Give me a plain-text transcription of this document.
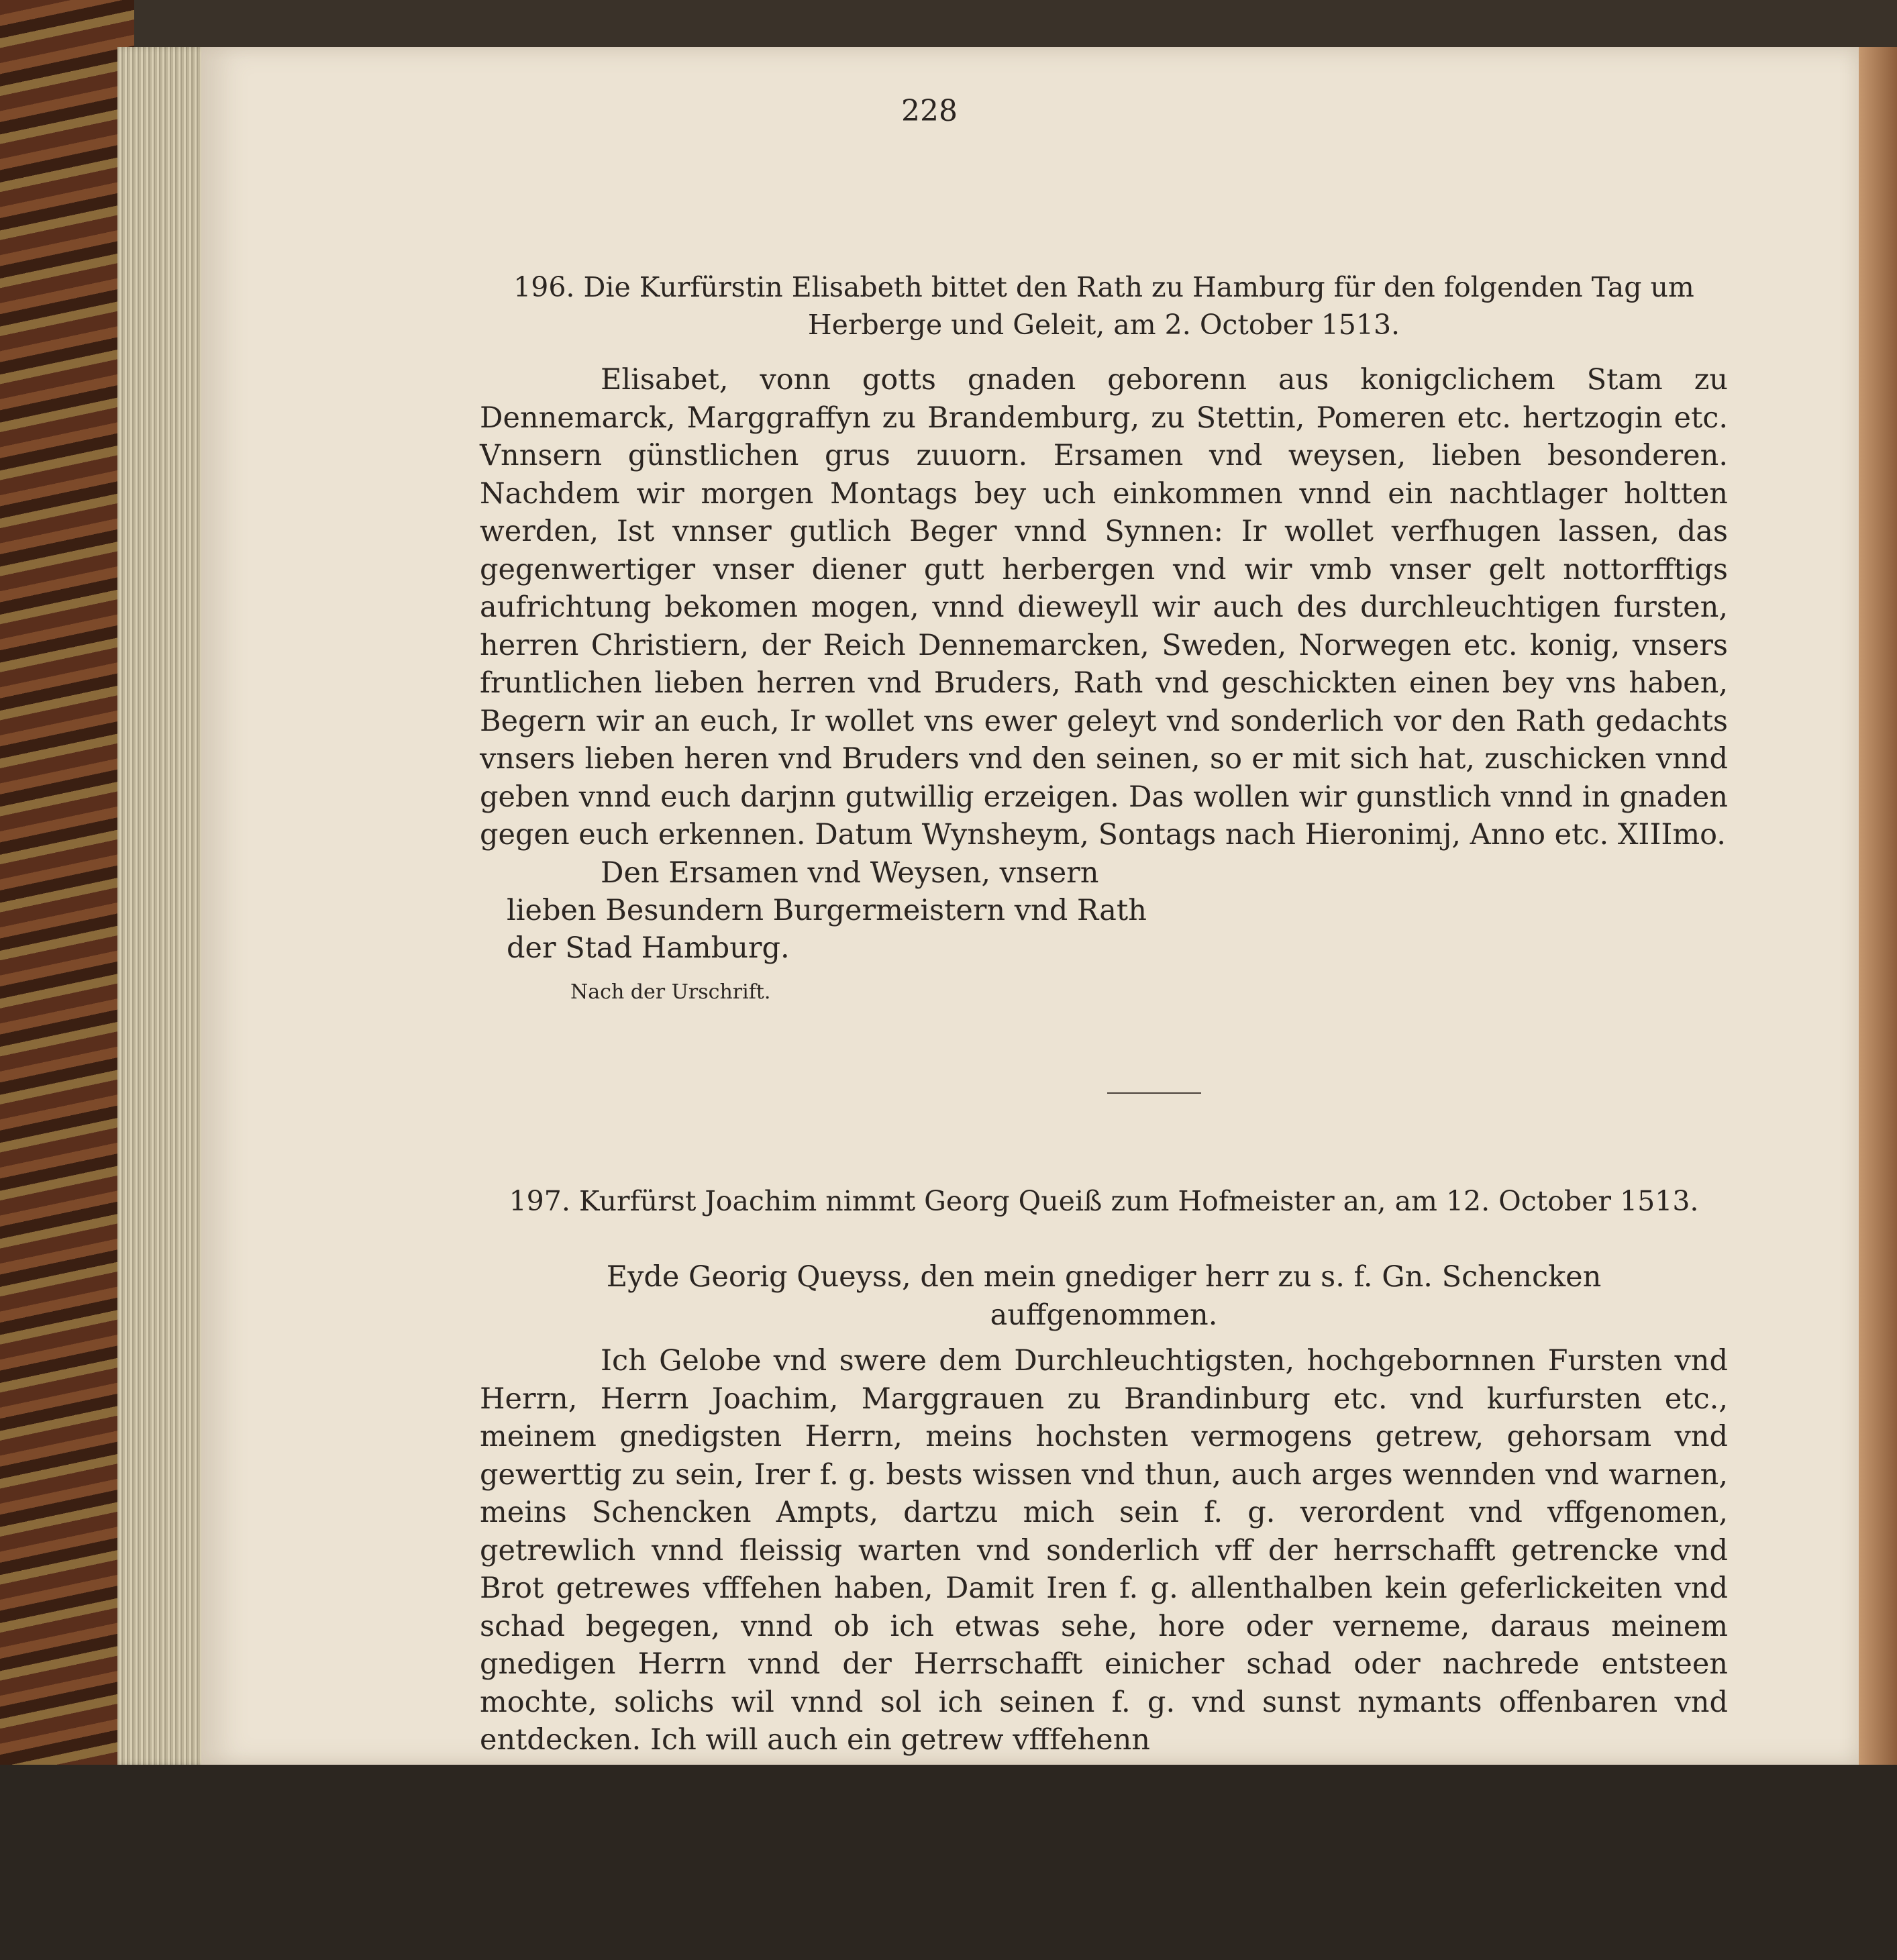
228
196. Die Kurfürstin Elisabeth bittet den Rath zu Hamburg für den folgenden Tag um
Herberge und Geleit, am 2. October 1513.

Elisabet, vonn gotts gnaden geborenn aus konigclichem Stam zu Dennemarck, Marggraffyn zu Brandemburg, zu Stettin, Pomeren etc. hertzogin etc. Vnnsern günstlichen grus zuuorn. Ersamen vnd weysen, lieben besonderen. Nachdem wir morgen Montags bey uch einkommen vnnd ein nachtlager holtten werden, Ist vnnser gutlich Beger vnnd Synnen: Ir wollet verfhugen lassen, das gegenwertiger vnser diener gutt herbergen vnd wir vmb vnser gelt nottorfftigs aufrichtung bekomen mogen, vnnd dieweyll wir auch des durchleuchtigen fursten, herren Christiern, der Reich Dennemarcken, Sweden, Norwegen etc. konig, vnsers fruntlichen lieben herren vnd Bruders, Rath vnd geschickten einen bey vns haben, Begern wir an euch, Ir wollet vns ewer geleyt vnd sonderlich vor den Rath gedachts vnsers lieben heren vnd Bruders vnd den seinen, so er mit sich hat, zuschicken vnnd geben vnnd euch darjnn gutwillig erzeigen. Das wollen wir gunstlich vnnd in gnaden gegen euch erkennen. Datum Wynsheym, Sontags nach Hieronimj, Anno etc. XIIImo.

Den Ersamen vnd Weysen, vnsern
lieben Besundern Burgermeistern vnd Rath
der Stad Hamburg.
Nach der Urschrift.
197. Kurfürst Joachim nimmt Georg Queiß zum Hofmeister an, am 12. October 1513.
Eyde Georig Queyss, den mein gnediger herr zu s. f. Gn. Schencken
auffgenommen.

Ich Gelobe vnd swere dem Durchleuchtigsten, hochgebornnen Fursten vnd Herrn, Herrn Joachim, Marggrauen zu Brandinburg etc. vnd kurfursten etc., meinem gnedigsten Herrn, meins hochsten vermogens getrew, gehorsam vnd gewerttig zu sein, Irer f. g. bests wissen vnd thun, auch arges wennden vnd warnen, meins Schencken Ampts, dartzu mich sein f. g. verordent vnd vffgenomen, getrewlich vnnd fleissig warten vnd sonderlich vff der herrschafft getrencke vnd Brot getrewes vfffehen haben, Damit Iren f. g. allenthalben kein geferlickeiten vnd schad begegen, vnnd ob ich etwas sehe, hore oder verneme, daraus meinem gnedigen Herrn vnnd der Herrschafft einicher schad oder nachrede entsteen mochte, solichs wil vnnd sol ich seinen f. g. vnd sunst nymants offenbaren vnd entdecken. Ich will auch ein getrew vfffehenn
